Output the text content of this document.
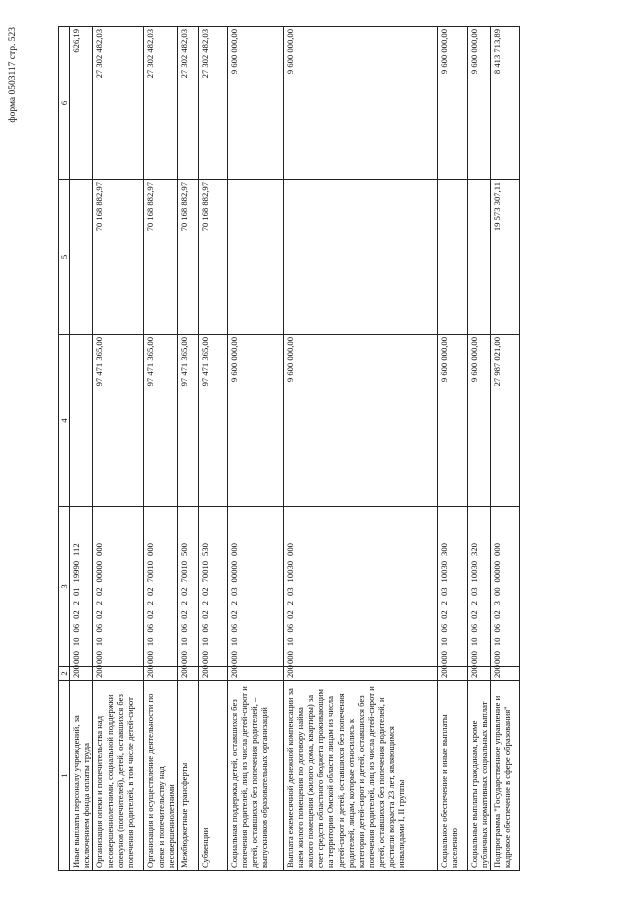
форма 0503117 стр. 523
1	2	3	4	5	6
Иные выплаты персоналу учреждений, за исключением фонда оплаты труда	200	00010060220119990112			626,19
Организация опеки и попечительства над несовершеннолетними, социальной поддержки опекунов (попечителей), детей, оставшихся без попечения родителей, в том числе детей-сирот	200	00010060220200000000	97 471 365,00	70 168 882,97	27 302 482,03
Организация и осуществление деятельности по опеке и попечительству над несовершеннолетними	200	00010060220270010000	97 471 365,00	70 168 882,97	27 302 482,03
Межбюджетные трансферты	200	00010060220270010500	97 471 365,00	70 168 882,97	27 302 482,03
Субвенции	200	00010060220270010530	97 471 365,00	70 168 882,97	27 302 482,03
Социальная поддержка детей, оставшихся без попечения родителей, лиц из числа детей-сирот и детей, оставшихся без попечения родителей, – выпускников образовательных организаций	200	00010060220300000000	9 600 000,00		9 600 000,00
Выплата ежемесячной денежной компенсации за наем жилого помещения по договору найма жилого помещения (жилого дома, квартиры) за счет средств областного бюджета проживающим на территории Омской области лицам из числа детей-сирот и детей, оставшихся без попечения родителей, лицам, которые относились к категории детей-сирот и детей, оставшихся без попечения родителей, лиц из числа детей-сирот и детей, оставшихся без попечения родителей, и достигли возраста 23 лет, являющимся инвалидами I, II группы	200	00010060220310030000	9 600 000,00		9 600 000,00
Социальное обеспечение и иные выплаты населению	200	00010060220310030300	9 600 000,00		9 600 000,00
Социальные выплаты гражданам, кроме публичных нормативных социальных выплат	200	00010060220310030320	9 600 000,00		9 600 000,00
Подпрограмма "Государственное управление и кадровое обеспечение в сфере образования"	200	00010060230000000000	27 987 021,00	19 573 307,11	8 413 713,89
